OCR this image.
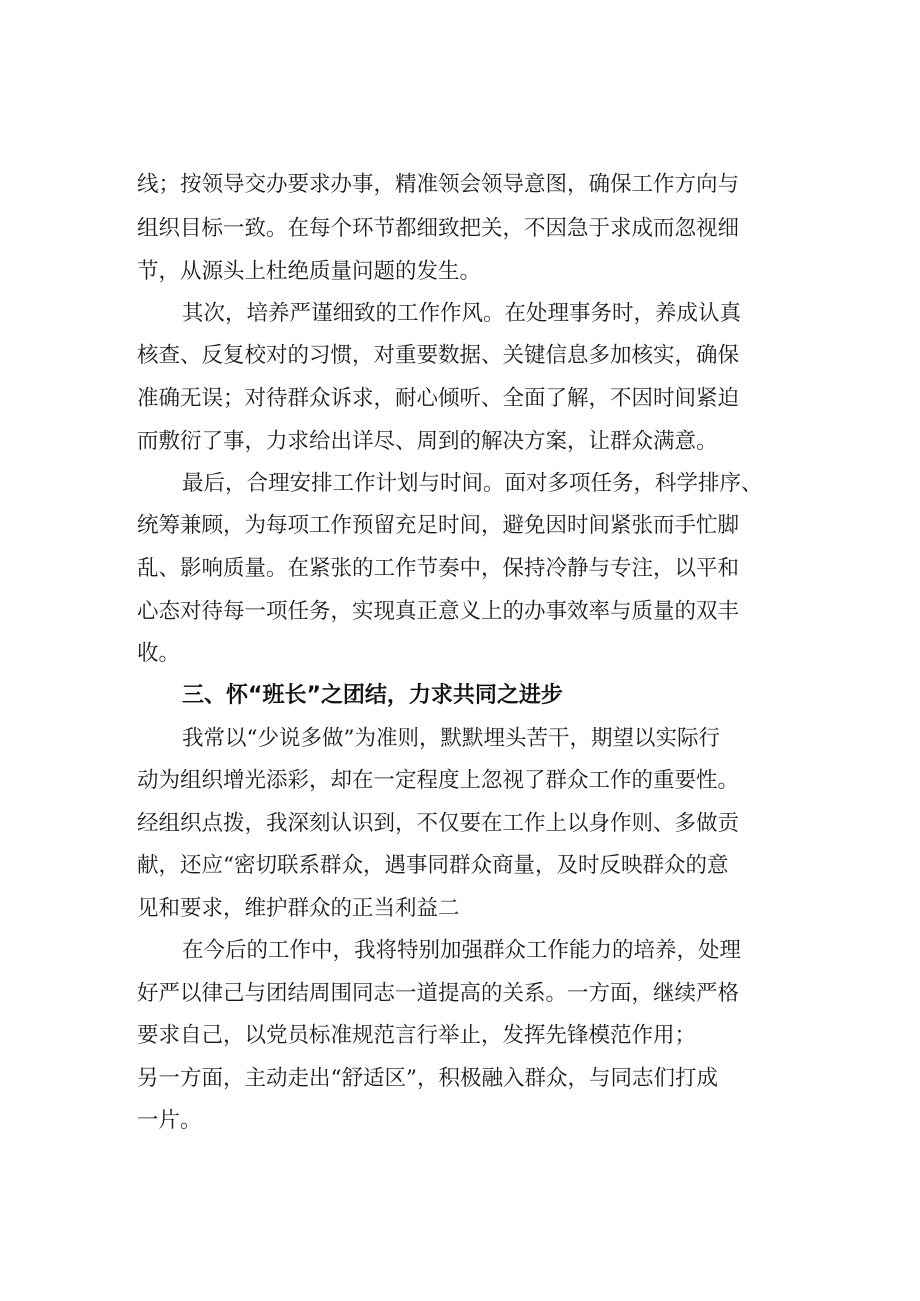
线；按领导交办要求办事，精准领会领导意图，确保工作方向与

组织目标一致。在每个环节都细致把关，不因急于求成而忽视细

节，从源头上杜绝质量问题的发生。

其次，培养严谨细致的工作作风。在处理事务时，养成认真

核查、反复校对的习惯，对重要数据、关键信息多加核实，确保

准确无误；对待群众诉求，耐心倾听、全面了解，不因时间紧迫

而敷衍了事，力求给出详尽、周到的解决方案，让群众满意。

最后，合理安排工作计划与时间。面对多项任务，科学排序、

统筹兼顾，为每项工作预留充足时间，避免因时间紧张而手忙脚

乱、影响质量。在紧张的工作节奏中，保持冷静与专注，以平和

心态对待每一项任务，实现真正意义上的办事效率与质量的双丰

收。

三、怀“班长”之团结，力求共同之进步

我常以“少说多做”为准则，默默埋头苦干，期望以实际行

动为组织增光添彩，却在一定程度上忽视了群众工作的重要性。

经组织点拨，我深刻认识到，不仅要在工作上以身作则、多做贡

献，还应“密切联系群众，遇事同群众商量，及时反映群众的意

见和要求，维护群众的正当利益二

在今后的工作中，我将特别加强群众工作能力的培养，处理

好严以律己与团结周围同志一道提高的关系。一方面，继续严格

要求自己，以党员标准规范言行举止，发挥先锋模范作用；

另一方面，主动走出“舒适区”，积极融入群众，与同志们打成

一片。
